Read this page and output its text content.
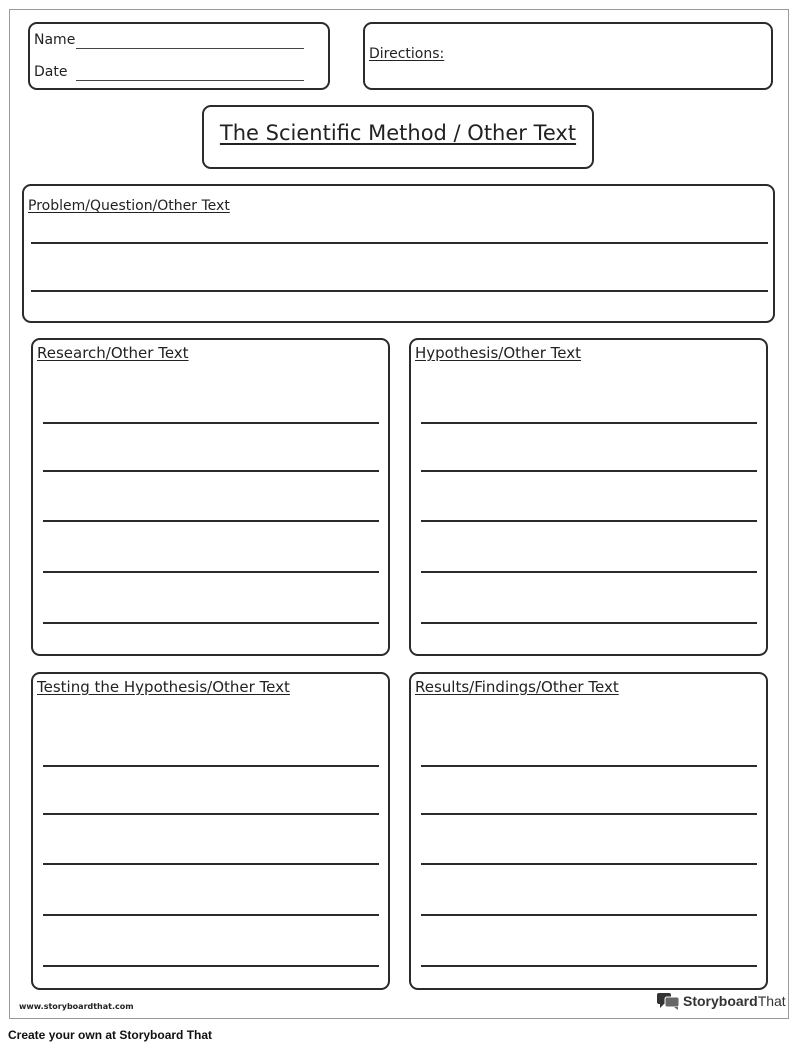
Name
Date
Directions:
The Scientific Method / Other Text
Problem/Question/Other Text
Research/Other Text	Hypothesis/Other Text
Testing the Hypothesis/Other Text	Results/Findings/Other Text
www.storyboardthat.com	StoryboardThat
Create your own at Storyboard That
